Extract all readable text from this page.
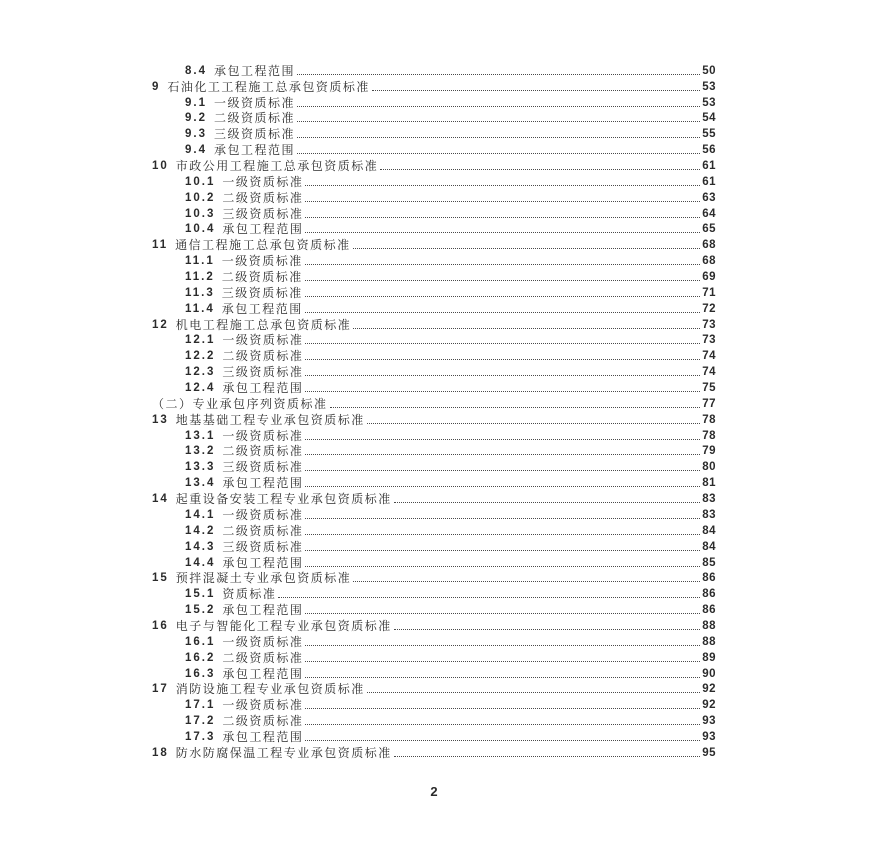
8.4 承包工程范围	50
9 石油化工工程施工总承包资质标准	53
9.1 一级资质标准	53
9.2 二级资质标准	54
9.3 三级资质标准	55
9.4 承包工程范围	56
10 市政公用工程施工总承包资质标准	61
10.1 一级资质标准	61
10.2 二级资质标准	63
10.3 三级资质标准	64
10.4 承包工程范围	65
11 通信工程施工总承包资质标准	68
11.1 一级资质标准	68
11.2 二级资质标准	69
11.3 三级资质标准	71
11.4 承包工程范围	72
12 机电工程施工总承包资质标准	73
12.1 一级资质标准	73
12.2 二级资质标准	74
12.3 三级资质标准	74
12.4 承包工程范围	75
（二）专业承包序列资质标准	77
13 地基基础工程专业承包资质标准	78
13.1 一级资质标准	78
13.2 二级资质标准	79
13.3 三级资质标准	80
13.4 承包工程范围	81
14 起重设备安装工程专业承包资质标准	83
14.1 一级资质标准	83
14.2 二级资质标准	84
14.3 三级资质标准	84
14.4 承包工程范围	85
15 预拌混凝土专业承包资质标准	86
15.1 资质标准	86
15.2 承包工程范围	86
16 电子与智能化工程专业承包资质标准	88
16.1 一级资质标准	88
16.2 二级资质标准	89
16.3 承包工程范围	90
17 消防设施工程专业承包资质标准	92
17.1 一级资质标准	92
17.2 二级资质标准	93
17.3 承包工程范围	93
18 防水防腐保温工程专业承包资质标准	95
2
